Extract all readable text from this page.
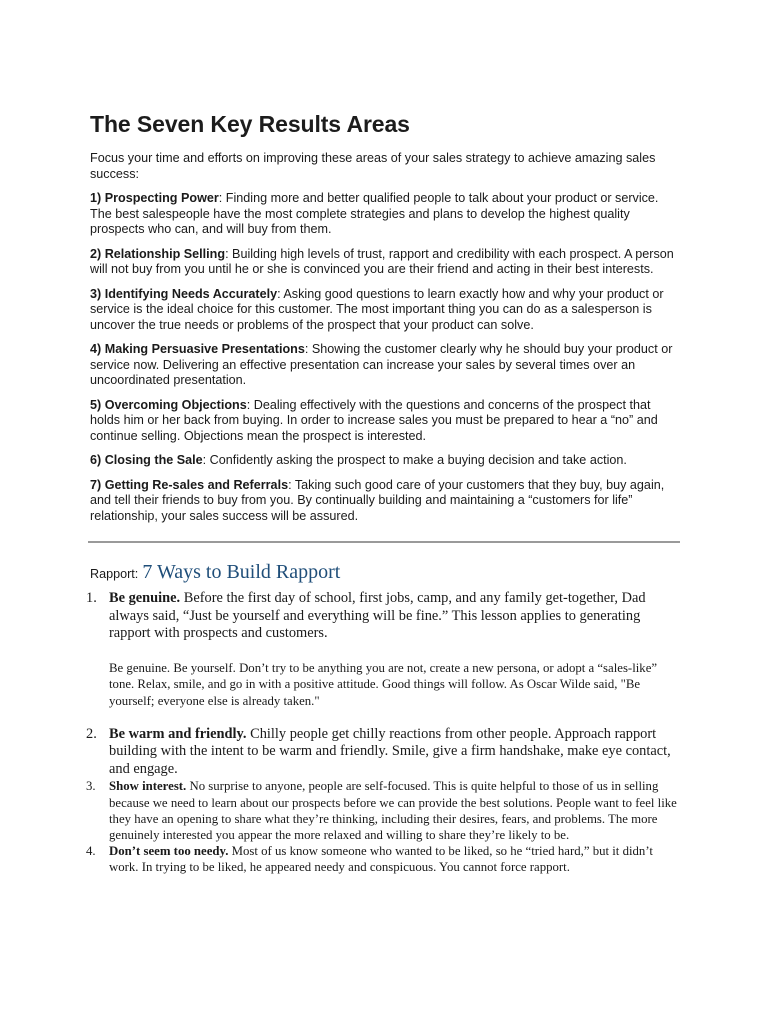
The Seven Key Results Areas

Focus your time and efforts on improving these areas of your sales strategy to achieve amazing sales success:

1) Prospecting Power: Finding more and better qualified people to talk about your product or service. The best salespeople have the most complete strategies and plans to develop the highest quality prospects who can, and will buy from them.

2) Relationship Selling: Building high levels of trust, rapport and credibility with each prospect. A person will not buy from you until he or she is convinced you are their friend and acting in their best interests.

3) Identifying Needs Accurately: Asking good questions to learn exactly how and why your product or service is the ideal choice for this customer. The most important thing you can do as a salesperson is uncover the true needs or problems of the prospect that your product can solve.

4) Making Persuasive Presentations: Showing the customer clearly why he should buy your product or service now. Delivering an effective presentation can increase your sales by several times over an uncoordinated presentation.

5) Overcoming Objections: Dealing effectively with the questions and concerns of the prospect that holds him or her back from buying. In order to increase sales you must be prepared to hear a “no” and continue selling. Objections mean the prospect is interested.

6) Closing the Sale: Confidently asking the prospect to make a buying decision and take action.

7) Getting Re-sales and Referrals: Taking such good care of your customers that they buy, buy again, and tell their friends to buy from you. By continually building and maintaining a “customers for life” relationship, your sales success will be assured.

Rapport: 7 Ways to Build Rapport
1. Be genuine. Before the first day of school, first jobs, camp, and any family get-together, Dad always said, “Just be yourself and everything will be fine.” This lesson applies to generating rapport with prospects and customers.
Be genuine. Be yourself. Don’t try to be anything you are not, create a new persona, or adopt a “sales-like” tone. Relax, smile, and go in with a positive attitude. Good things will follow. As Oscar Wilde said, "Be yourself; everyone else is already taken."
2. Be warm and friendly. Chilly people get chilly reactions from other people. Approach rapport building with the intent to be warm and friendly. Smile, give a firm handshake, make eye contact, and engage.
3. Show interest. No surprise to anyone, people are self-focused. This is quite helpful to those of us in selling because we need to learn about our prospects before we can provide the best solutions. People want to feel like they have an opening to share what they’re thinking, including their desires, fears, and problems. The more genuinely interested you appear the more relaxed and willing to share they’re likely to be.
4. Don’t seem too needy. Most of us know someone who wanted to be liked, so he “tried hard,” but it didn’t work. In trying to be liked, he appeared needy and conspicuous. You cannot force rapport.
